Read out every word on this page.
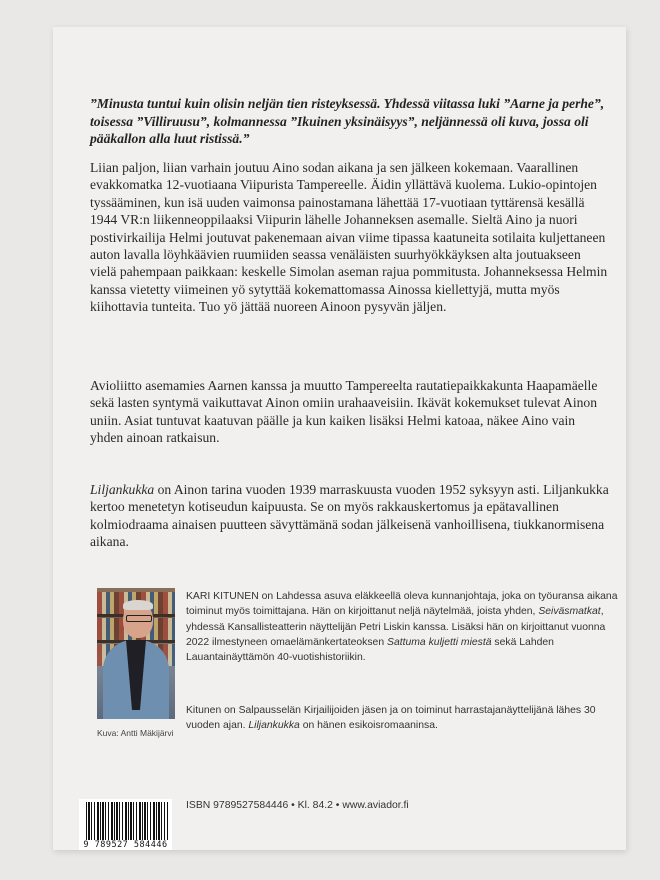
”Minusta tuntui kuin olisin neljän tien risteyksessä. Yhdessä viitassa luki ”Aarne ja perhe”, toisessa ”Villiruusu”, kolmannessa ”Ikuinen yksinäisyys”, neljännessä oli kuva, jossa oli pääkallon alla luut ristissä.”
Liian paljon, liian varhain joutuu Aino sodan aikana ja sen jälkeen kokemaan. Vaarallinen evakkomatka 12-vuotiaana Viipurista Tampereelle. Äidin yllättävä kuolema. Lukio-opintojen tyssääminen, kun isä uuden vaimonsa painostamana lähettää 17-vuotiaan tyttärensä kesällä 1944 VR:n liikenneoppilaaksi Viipurin lähelle Johanneksen asemalle. Sieltä Aino ja nuori postivirkailija Helmi joutuvat pakenemaan aivan viime tipassa kaatuneita sotilaita kuljettaneen auton lavalla löyhkäävien ruumiiden seassa venäläisten suurhyökkäyksen alta joutuakseen vielä pahempaan paikkaan: keskelle Simolan aseman rajua pommitusta. Johanneksessa Helmin kanssa vietetty viimeinen yö sytyttää kokemattomassa Ainossa kiellettyjä, mutta myös kiihottavia tunteita. Tuo yö jättää nuoreen Ainoon pysyvän jäljen.
Avioliitto asemamies Aarnen kanssa ja muutto Tampereelta rautatiepaikkakunta Haapamäelle sekä lasten syntymä vaikuttavat Ainon omiin urahaaveisiin. Ikävät kokemukset tulevat Ainon uniin. Asiat tuntuvat kaatuvan päälle ja kun kaiken lisäksi Helmi katoaa, näkee Aino vain yhden ainoan ratkaisun.
Liljankukka on Ainon tarina vuoden 1939 marraskuusta vuoden 1952 syksyyn asti. Liljankukka kertoo menetetyn kotiseudun kaipuusta. Se on myös rakkauskertomus ja epätavallinen kolmiodraama ainaisen puutteen sävyttämänä sodan jälkeisenä vanhoillisena, tiukkanormisena aikana.
Kuva: Antti Mäkijärvi
KARI KITUNEN on Lahdessa asuva eläkkeellä oleva kunnanjohtaja, joka on työuransa aikana toiminut myös toimittajana. Hän on kirjoittanut neljä näytelmää, joista yhden, Seiväsmatkat, yhdessä Kansallisteatterin näyttelijän Petri Liskin kanssa. Lisäksi hän on kirjoittanut vuonna 2022 ilmestyneen omaelämänkertateoksen Sattuma kuljetti miestä sekä Lahden Lauantainäyttämön 40-vuotishistoriikin.
Kitunen on Salpausselän Kirjailijoiden jäsen ja on toiminut harrastajanäyttelijänä lähes 30 vuoden ajan. Liljankukka on hänen esikoisromaaninsa.
ISBN 9789527584446 • Kl. 84.2 • www.aviador.fi
9 789527 584446
